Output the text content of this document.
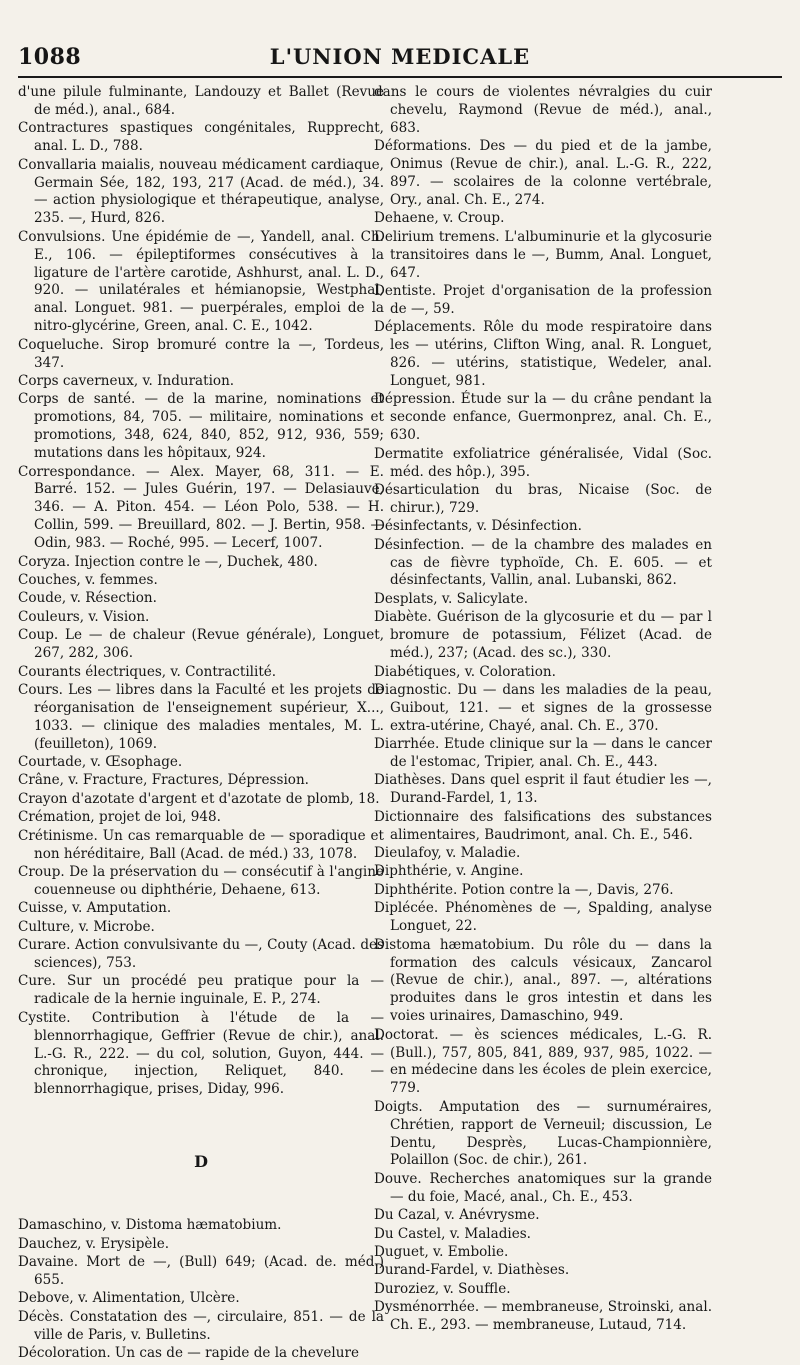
1088	L'UNION MEDICALE

d'une pilule fulminante, Landouzy et Ballet (Revue de méd.), anal., 684.

Contractures spastiques congénitales, Rupprecht, anal. L. D., 788.

Convallaria maialis, nouveau médicament cardiaque, Germain Sée, 182, 193, 217 (Acad. de méd.), 34. — action physiologique et thérapeutique, analyse, 235. —, Hurd, 826.

Convulsions. Une épidémie de —, Yandell, anal. Ch. E., 106. — épileptiformes consécutives à la ligature de l'artère carotide, Ashhurst, anal. L. D., 920. — unilatérales et hémianopsie, Westphal, anal. Longuet. 981. — puerpérales, emploi de la nitro-glycérine, Green, anal. C. E., 1042.

Coqueluche. Sirop bromuré contre la —, Tordeus, 347.

Corps caverneux, v. Induration.

Corps de santé. — de la marine, nominations et promotions, 84, 705. — militaire, nominations et promotions, 348, 624, 840, 852, 912, 936, 559; mutations dans les hôpitaux, 924.

Correspondance. — Alex. Mayer, 68, 311. — E. Barré. 152. — Jules Guérin, 197. — Delasiauve, 346. — A. Piton. 454. — Léon Polo, 538. — H. Collin, 599. — Breuillard, 802. — J. Bertin, 958. — Odin, 983. — Roché, 995. — Lecerf, 1007.

Coryza. Injection contre le —, Duchek, 480.

Couches, v. femmes.

Coude, v. Résection.

Couleurs, v. Vision.

Coup. Le — de chaleur (Revue générale), Longuet, 267, 282, 306.

Courants électriques, v. Contractilité.

Cours. Les — libres dans la Faculté et les projets de réorganisation de l'enseignement supérieur, X..., 1033. — clinique des maladies mentales, M. L. (feuilleton), 1069.

Courtade, v. Œsophage.

Crâne, v. Fracture, Fractures, Dépression.

Crayon d'azotate d'argent et d'azotate de plomb, 18.

Crémation, projet de loi, 948.

Crétinisme. Un cas remarquable de — sporadique et non héréditaire, Ball (Acad. de méd.) 33, 1078.

Croup. De la préservation du — consécutif à l'angine couenneuse ou diphthérie, Dehaene, 613.

Cuisse, v. Amputation.

Culture, v. Microbe.

Curare. Action convulsivante du —, Couty (Acad. des sciences), 753.

Cure. Sur un procédé peu pratique pour la — radicale de la hernie inguinale, E. P., 274.

Cystite. Contribution à l'étude de la — blennorrhagique, Geffrier (Revue de chir.), anal. L.-G. R., 222. — du col, solution, Guyon, 444. — chronique, injection, Reliquet, 840. — blennorrhagique, prises, Diday, 996.

D

Damaschino, v. Distoma hæmatobium.

Dauchez, v. Erysipèle.

Davaine. Mort de —, (Bull) 649; (Acad. de. méd.) 655.

Debove, v. Alimentation, Ulcère.

Décès. Constatation des —, circulaire, 851. — de la ville de Paris, v. Bulletins.

Décoloration. Un cas de — rapide de la chevelure

dans le cours de violentes névralgies du cuir chevelu, Raymond (Revue de méd.), anal., 683.

Déformations. Des — du pied et de la jambe, Onimus (Revue de chir.), anal. L.-G. R., 222, 897. — scolaires de la colonne vertébrale, Ory., anal. Ch. E., 274.

Dehaene, v. Croup.

Delirium tremens. L'albuminurie et la glycosurie transitoires dans le —, Bumm, Anal. Longuet, 647.

Dentiste. Projet d'organisation de la profession de —, 59.

Déplacements. Rôle du mode respiratoire dans les — utérins, Clifton Wing, anal. R. Longuet, 826. — utérins, statistique, Wedeler, anal. Longuet, 981.

Dépression. Étude sur la — du crâne pendant la seconde enfance, Guermonprez, anal. Ch. E., 630.

Dermatite exfoliatrice généralisée, Vidal (Soc. méd. des hôp.), 395.

Désarticulation du bras, Nicaise (Soc. de chirur.), 729.

Désinfectants, v. Désinfection.

Désinfection. — de la chambre des malades en cas de fièvre typhoïde, Ch. E. 605. — et désinfectants, Vallin, anal. Lubanski, 862.

Desplats, v. Salicylate.

Diabète. Guérison de la glycosurie et du — par l bromure de potassium, Félizet (Acad. de méd.), 237; (Acad. des sc.), 330.

Diabétiques, v. Coloration.

Diagnostic. Du — dans les maladies de la peau, Guibout, 121. — et signes de la grossesse extra-utérine, Chayé, anal. Ch. E., 370.

Diarrhée. Etude clinique sur la — dans le cancer de l'estomac, Tripier, anal. Ch. E., 443.

Diathèses. Dans quel esprit il faut étudier les —, Durand-Fardel, 1, 13.

Dictionnaire des falsifications des substances alimentaires, Baudrimont, anal. Ch. E., 546.

Dieulafoy, v. Maladie.

Diphthérie, v. Angine.

Diphthérite. Potion contre la —, Davis, 276.

Diplécée. Phénomènes de —, Spalding, analyse Longuet, 22.

Distoma hæmatobium. Du rôle du — dans la formation des calculs vésicaux, Zancarol (Revue de chir.), anal., 897. —, altérations produites dans le gros intestin et dans les voies urinaires, Damaschino, 949.

Doctorat. — ès sciences médicales, L.-G. R. (Bull.), 757, 805, 841, 889, 937, 985, 1022. — en médecine dans les écoles de plein exercice, 779.

Doigts. Amputation des — surnuméraires, Chrétien, rapport de Verneuil; discussion, Le Dentu, Desprès, Lucas-Championnière, Polaillon (Soc. de chir.), 261.

Douve. Recherches anatomiques sur la grande — du foie, Macé, anal., Ch. E., 453.

Du Cazal, v. Anévrysme.

Du Castel, v. Maladies.

Duguet, v. Embolie.

Durand-Fardel, v. Diathèses.

Duroziez, v. Souffle.

Dysménorrhée. — membraneuse, Stroinski, anal. Ch. E., 293. — membraneuse, Lutaud, 714.
